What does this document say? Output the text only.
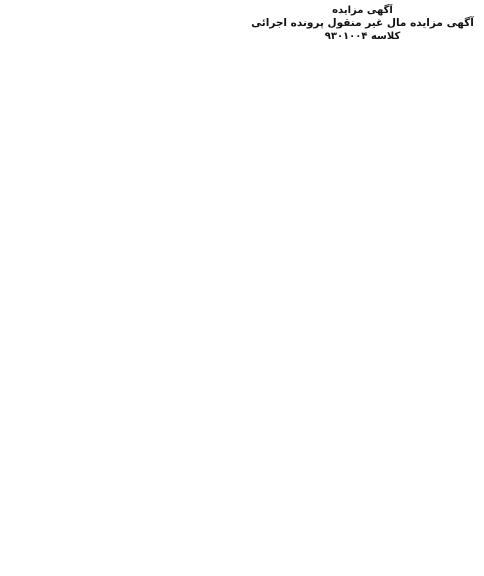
آگهی مزایده
آگهی مزایده مال غیر منقول پرونده اجرائی
کلاسه ۹۳۰۱۰۰۴
